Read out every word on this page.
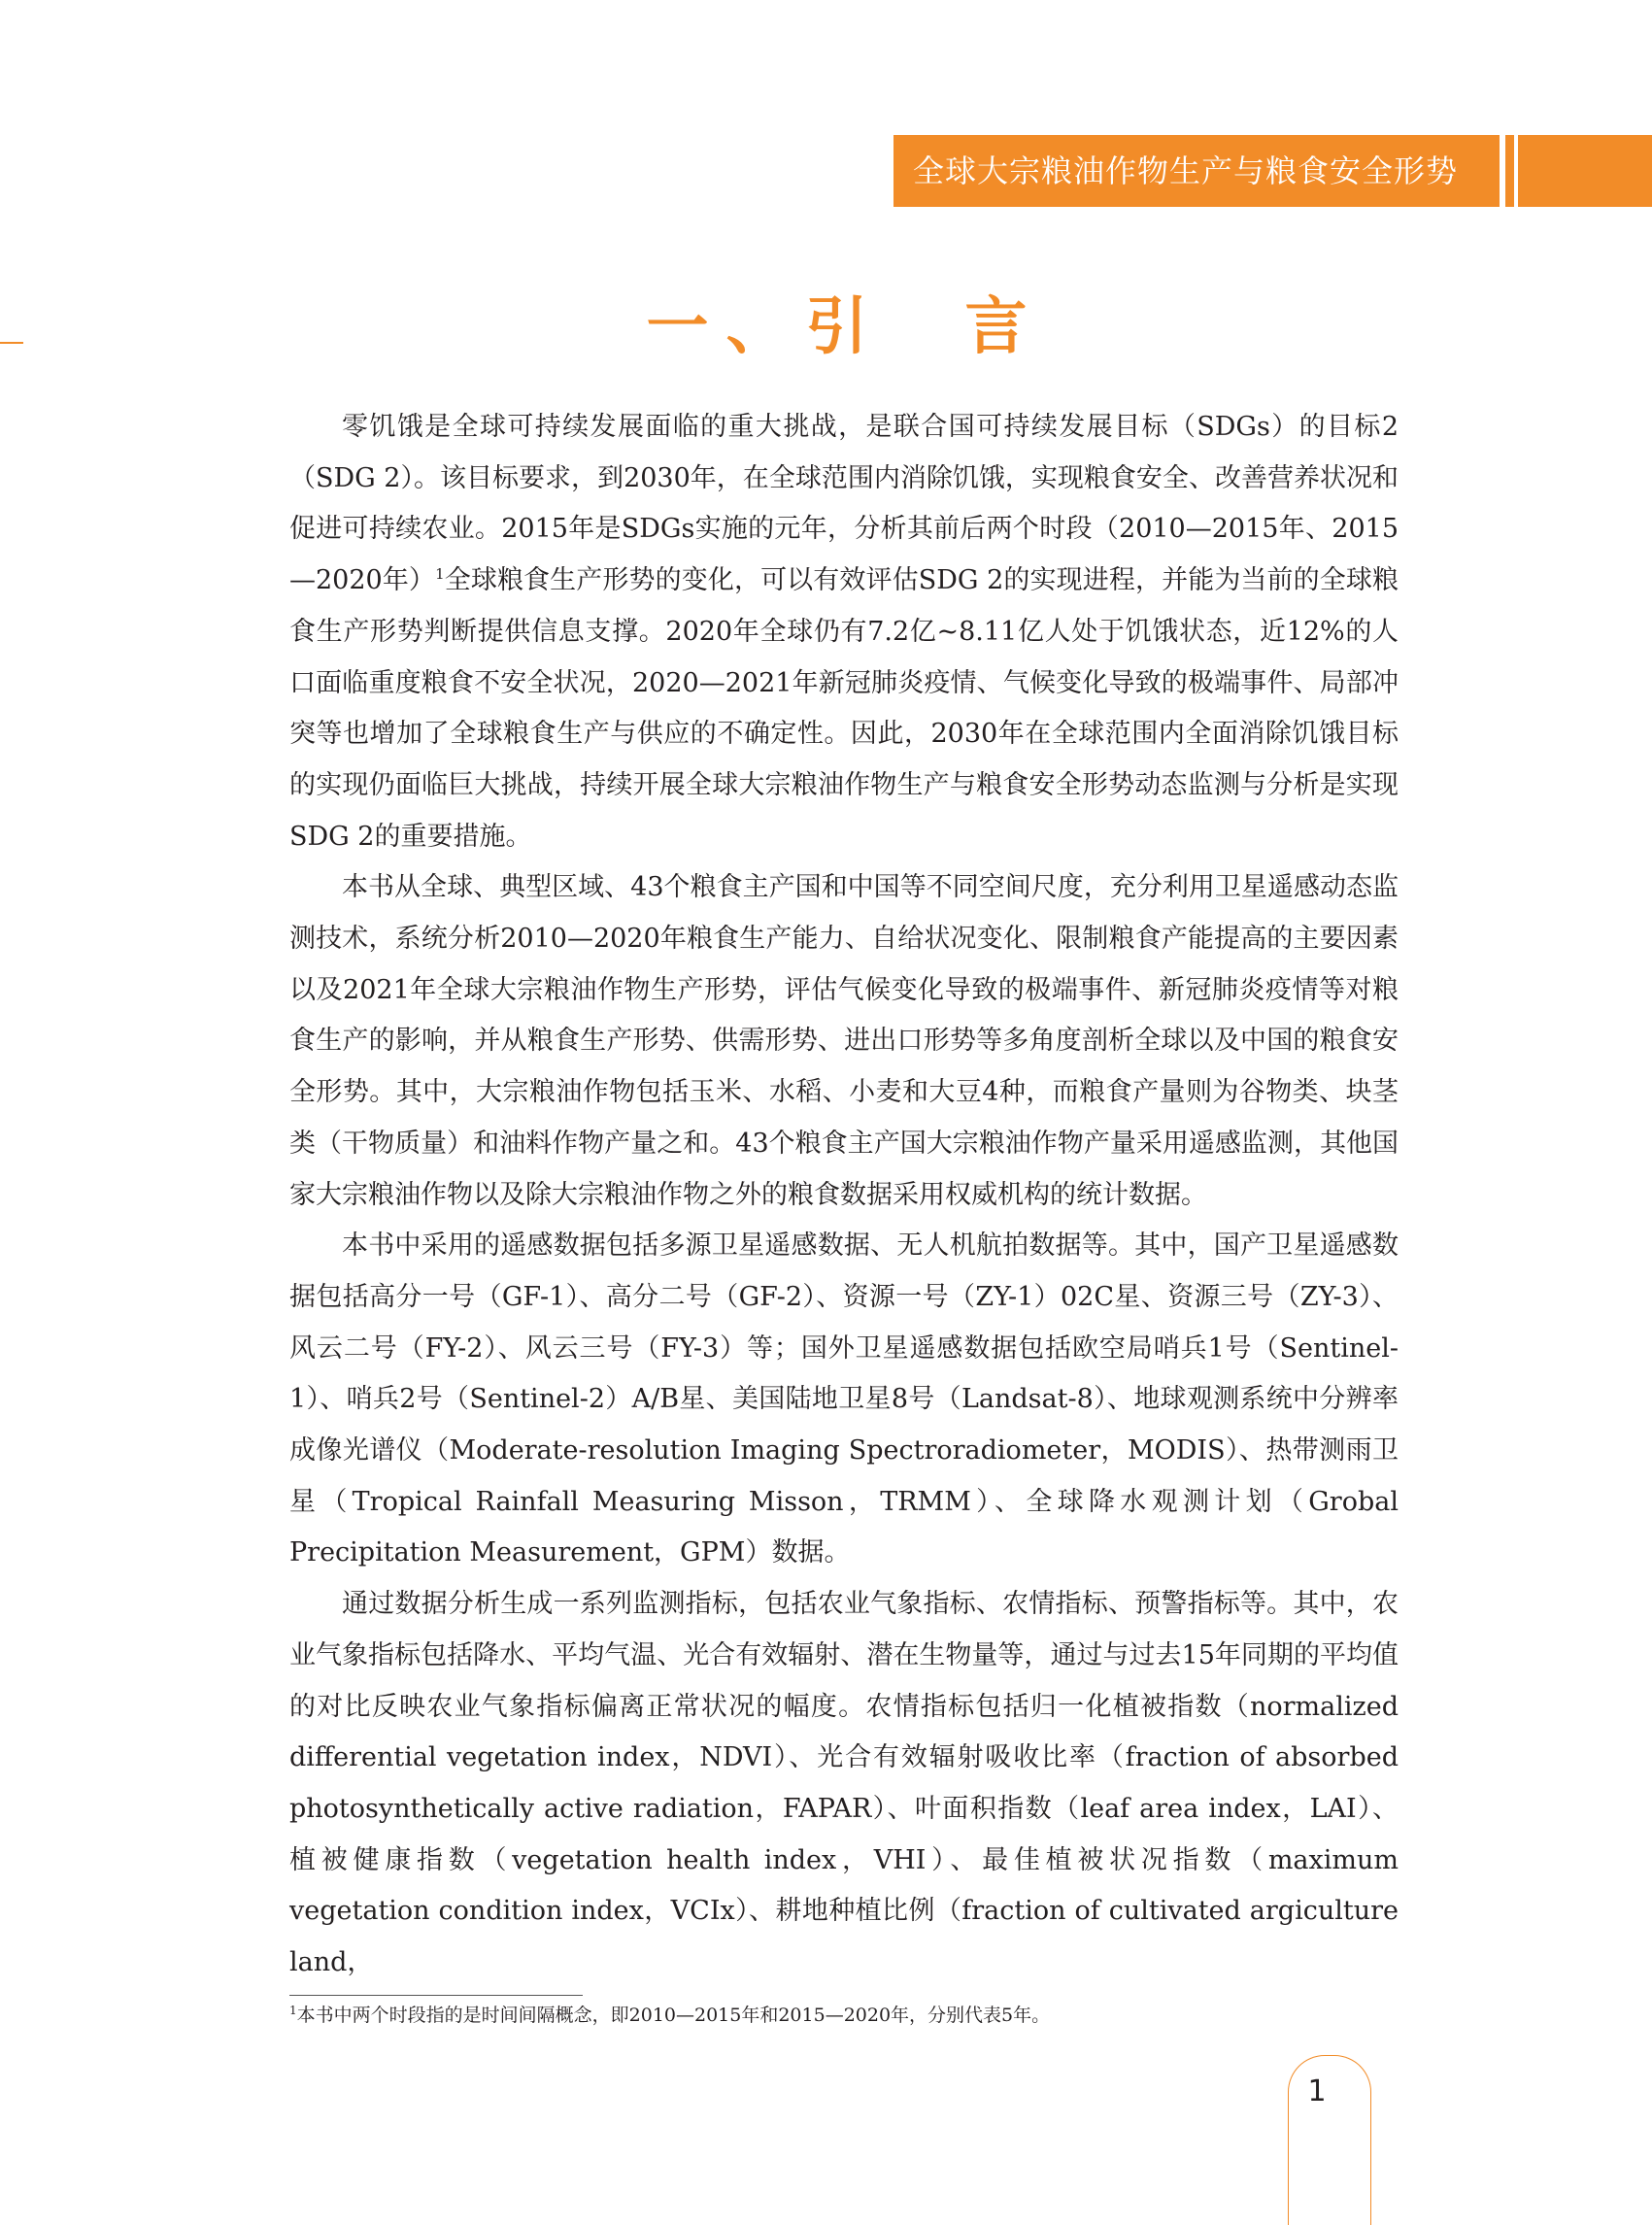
全球大宗粮油作物生产与粮食安全形势
一、引　言

零饥饿是全球可持续发展面临的重大挑战，是联合国可持续发展目标（SDGs）的目标2（SDG 2）。该目标要求，到2030年，在全球范围内消除饥饿，实现粮食安全、改善营养状况和促进可持续农业。2015年是SDGs实施的元年，分析其前后两个时段（2010—2015年、2015—2020年）$^1$全球粮食生产形势的变化，可以有效评估SDG 2的实现进程，并能为当前的全球粮食生产形势判断提供信息支撑。2020年全球仍有7.2亿~8.11亿人处于饥饿状态，近12%的人口面临重度粮食不安全状况，2020—2021年新冠肺炎疫情、气候变化导致的极端事件、局部冲突等也增加了全球粮食生产与供应的不确定性。因此，2030年在全球范围内全面消除饥饿目标的实现仍面临巨大挑战，持续开展全球大宗粮油作物生产与粮食安全形势动态监测与分析是实现SDG 2的重要措施。

本书从全球、典型区域、43个粮食主产国和中国等不同空间尺度，充分利用卫星遥感动态监测技术，系统分析2010—2020年粮食生产能力、自给状况变化、限制粮食产能提高的主要因素以及2021年全球大宗粮油作物生产形势，评估气候变化导致的极端事件、新冠肺炎疫情等对粮食生产的影响，并从粮食生产形势、供需形势、进出口形势等多角度剖析全球以及中国的粮食安全形势。其中，大宗粮油作物包括玉米、水稻、小麦和大豆4种，而粮食产量则为谷物类、块茎类（干物质量）和油料作物产量之和。43个粮食主产国大宗粮油作物产量采用遥感监测，其他国家大宗粮油作物以及除大宗粮油作物之外的粮食数据采用权威机构的统计数据。

本书中采用的遥感数据包括多源卫星遥感数据、无人机航拍数据等。其中，国产卫星遥感数据包括高分一号（GF-1）、高分二号（GF-2）、资源一号（ZY-1）02C星、资源三号（ZY-3）、风云二号（FY-2）、风云三号（FY-3）等；国外卫星遥感数据包括欧空局哨兵1号（Sentinel-1）、哨兵2号（Sentinel-2）A/B星、美国陆地卫星8号（Landsat-8）、地球观测系统中分辨率成像光谱仪（Moderate-resolution Imaging Spectroradiometer，MODIS）、热带测雨卫星（Tropical Rainfall Measuring Misson，TRMM）、全球降水观测计划（Grobal Precipitation Measurement，GPM）数据。

通过数据分析生成一系列监测指标，包括农业气象指标、农情指标、预警指标等。其中，农业气象指标包括降水、平均气温、光合有效辐射、潜在生物量等，通过与过去15年同期的平均值的对比反映农业气象指标偏离正常状况的幅度。农情指标包括归一化植被指数（normalized differential vegetation index，NDVI）、光合有效辐射吸收比率（fraction of absorbed photosynthetically active radiation，FAPAR）、叶面积指数（leaf area index，LAI）、植被健康指数（vegetation health index，VHI）、最佳植被状况指数（maximum vegetation condition index，VCIx）、耕地种植比例（fraction of cultivated argiculture land，

$^1$本书中两个时段指的是时间间隔概念，即2010—2015年和2015—2020年，分别代表5年。
1
